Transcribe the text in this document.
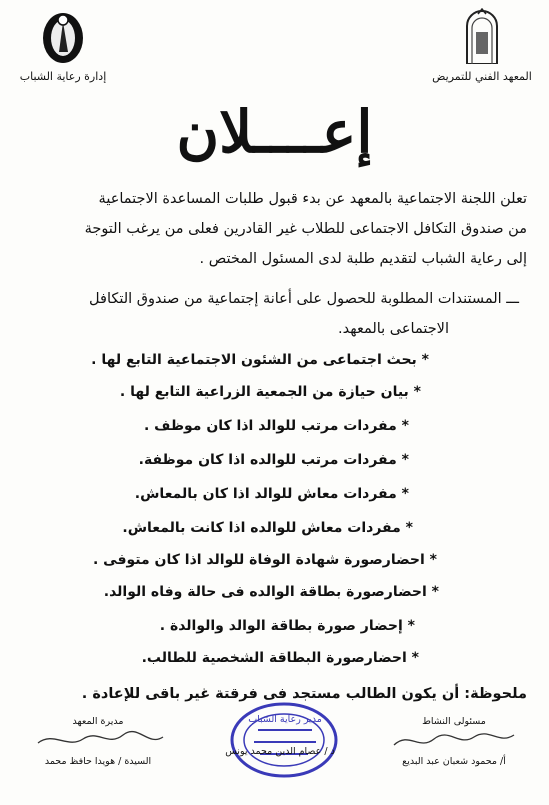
المعهد الفني للتمريض
إدارة رعاية الشباب
إعــــلان
تعلن اللجنة الاجتماعية بالمعهد عن بدء قبول طلبات المساعدة الاجتماعية
من صندوق التكافل الاجتماعى للطلاب غير القادرين فعلى من يرغب التوجة
إلى رعاية الشباب لتقديم طلبة لدى المسئول المختص .
ـــ المستندات المطلوبة للحصول على أعانة إجتماعية من صندوق التكافل
الاجتماعى بالمعهد.
* بحث اجتماعى من الشئون الاجتماعية التابع لها .
* بيان حيازة من الجمعية الزراعية التابع لها .
* مفردات مرتب للوالد اذا كان موظف .
* مفردات مرتب للوالده اذا كان موظفة.
* مفردات معاش للوالد اذا كان بالمعاش.
* مفردات معاش للوالده اذا كانت بالمعاش.
* احضارصورة شهادة الوفاة للوالد اذا كان متوفى .
* احضارصورة بطاقة الوالده فى حالة وفاه الوالد.
* إحضار صورة بطاقة الوالد والوالدة .
* احضارصورة البطاقة الشخصية للطالب.
ملحوظة: أن يكون الطالب مستجد فى فرقتة غير باقى للإعادة .
مسئولى النشاط
أ/ محمود شعبان عبد البديع
د / عصام الدين محمد يونس
مدير رعاية الشباب
مديرة المعهد
السيدة / هويدا حافظ محمد
